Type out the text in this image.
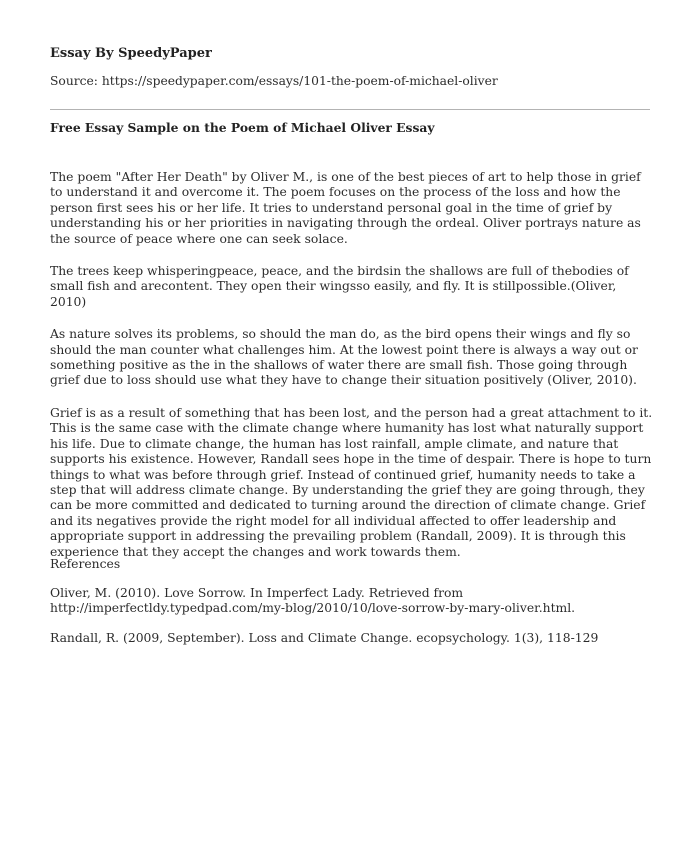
Essay By SpeedyPaper

Source: https://speedypaper.com/essays/101-the-poem-of-michael-oliver

Free Essay Sample on the Poem of Michael Oliver Essay

The poem "After Her Death" by Oliver M., is one of the best pieces of art to help those in grief to understand it and overcome it. The poem focuses on the process of the loss and how the person first sees his or her life. It tries to understand personal goal in the time of grief by understanding his or her priorities in navigating through the ordeal. Oliver portrays nature as the source of peace where one can seek solace.

The trees keep whisperingpeace, peace, and the birdsin the shallows are full of thebodies of small fish and arecontent. They open their wingsso easily, and fly. It is stillpossible.(Oliver, 2010)

As nature solves its problems, so should the man do, as the bird opens their wings and fly so should the man counter what challenges him. At the lowest point there is always a way out or something positive as the in the shallows of water there are small fish. Those going through grief due to loss should use what they have to change their situation positively (Oliver, 2010).

Grief is as a result of something that has been lost, and the person had a great attachment to it. This is the same case with the climate change where humanity has lost what naturally support his life. Due to climate change, the human has lost rainfall, ample climate, and nature that supports his existence. However, Randall sees hope in the time of despair. There is hope to turn things to what was before through grief. Instead of continued grief, humanity needs to take a step that will address climate change. By understanding the grief they are going through, they can be more committed and dedicated to turning around the direction of climate change. Grief and its negatives provide the right model for all individual affected to offer leadership and appropriate support in addressing the prevailing problem (Randall, 2009). It is through this experience that they accept the changes and work towards them.

References

Oliver, M. (2010). Love Sorrow. In Imperfect Lady. Retrieved from http://imperfectldy.typedpad.com/my-blog/2010/10/love-sorrow-by-mary-oliver.html.

Randall, R. (2009, September). Loss and Climate Change. ecopsychology. 1(3), 118-129
